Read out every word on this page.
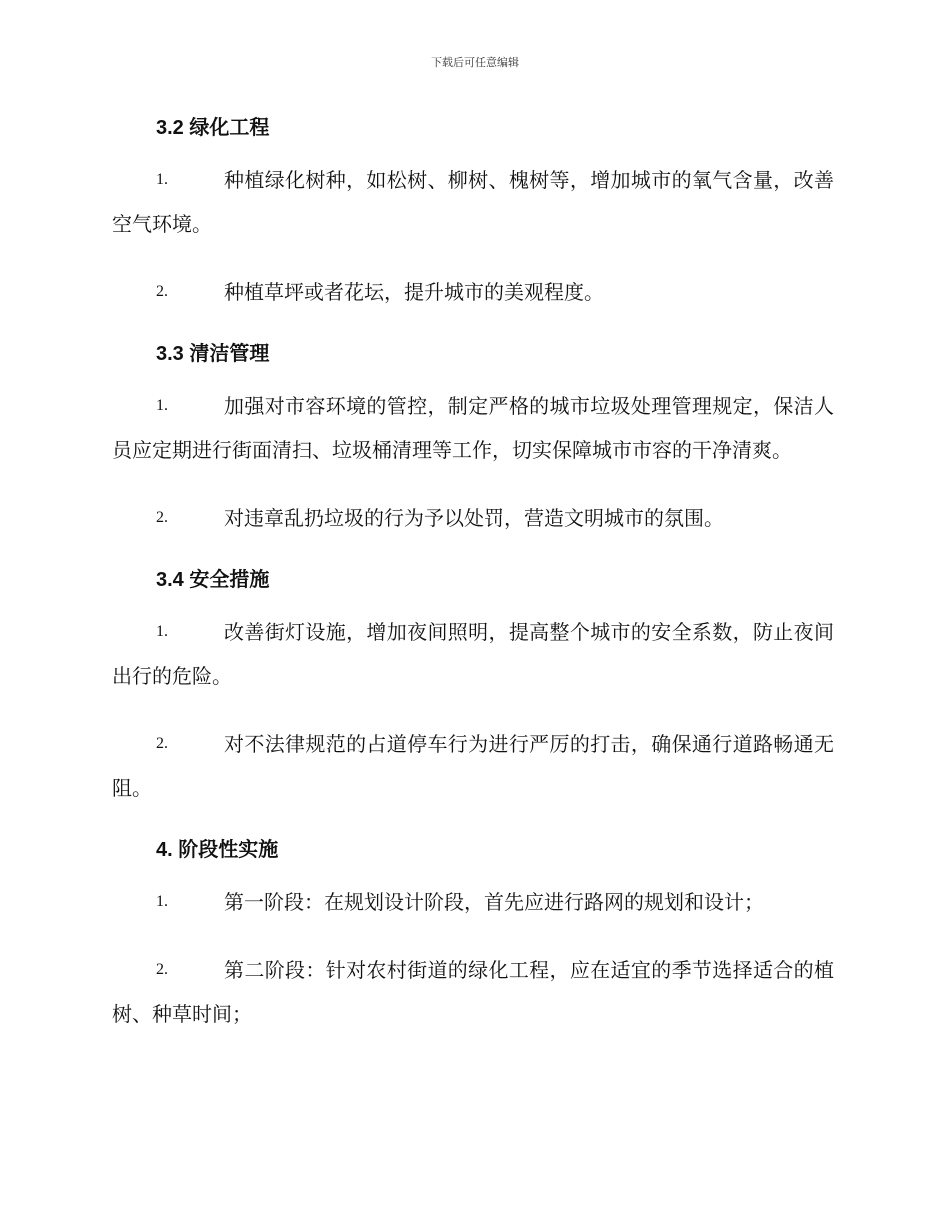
下载后可任意编辑
3.2 绿化工程
1.	种植绿化树种，如松树、柳树、槐树等，增加城市的氧气含量，改善空气环境。
2.	种植草坪或者花坛，提升城市的美观程度。
3.3 清洁管理
1.	加强对市容环境的管控，制定严格的城市垃圾处理管理规定，保洁人员应定期进行街面清扫、垃圾桶清理等工作，切实保障城市市容的干净清爽。
2.	对违章乱扔垃圾的行为予以处罚，营造文明城市的氛围。
3.4 安全措施
1.	改善街灯设施，增加夜间照明，提高整个城市的安全系数，防止夜间出行的危险。
2.	对不法律规范的占道停车行为进行严厉的打击，确保通行道路畅通无阻。
4. 阶段性实施
1.	第一阶段：在规划设计阶段，首先应进行路网的规划和设计；
2.	第二阶段：针对农村街道的绿化工程，应在适宜的季节选择适合的植树、种草时间；
